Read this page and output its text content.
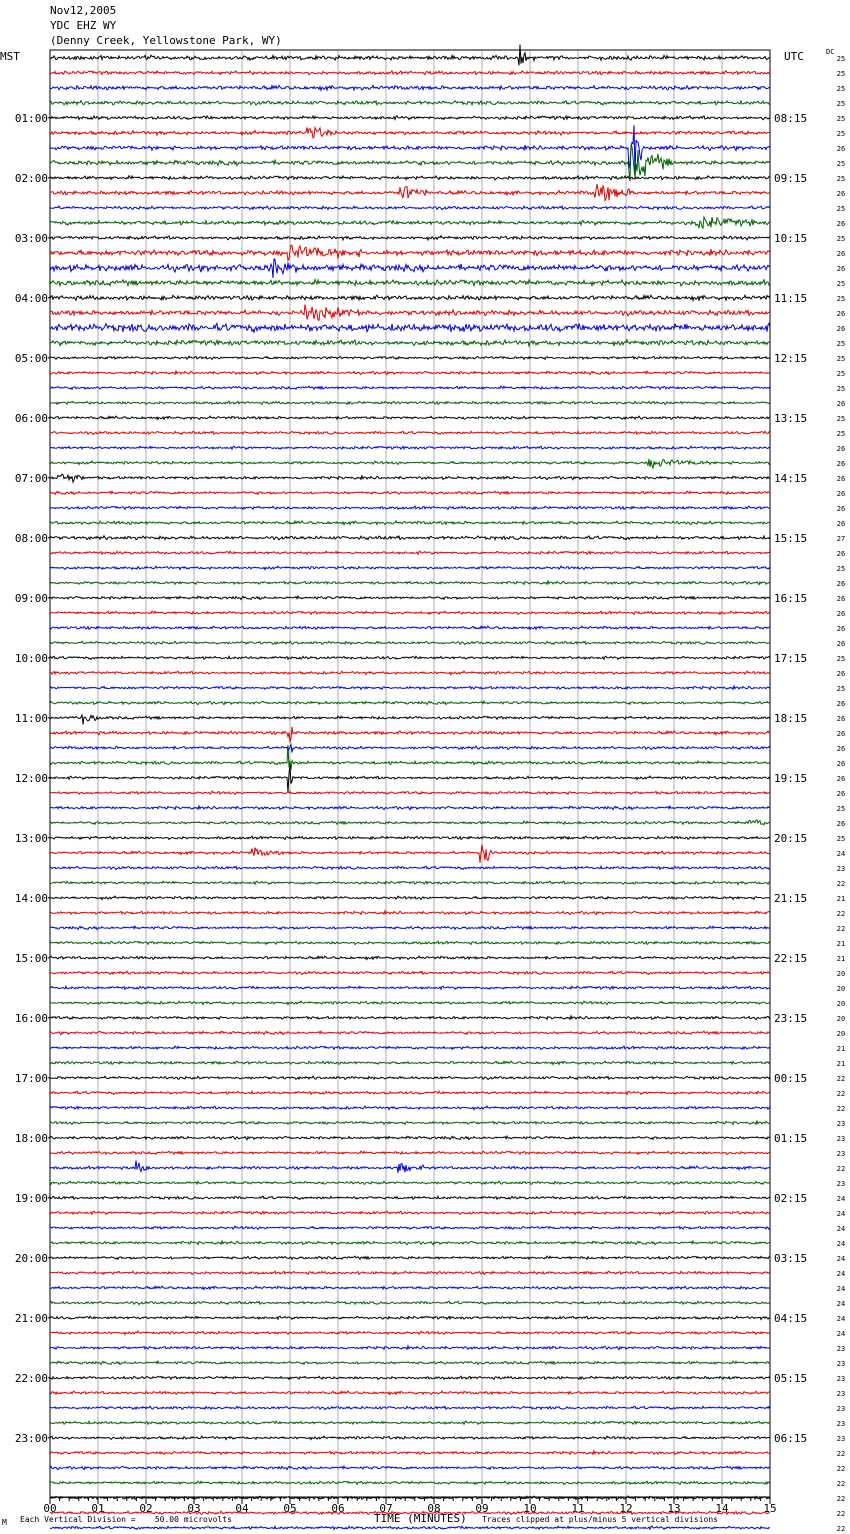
Nov12,2005
YDC EHZ WY
(Denny Creek, Yellowstone Park, WY)
MST	UTC	DC
00	01	02	03	04	05	06	07	08	09	10	11	12	13	14	15
01:00
02:00
03:00
04:00
05:00
06:00
07:00
08:00
09:00
10:00
11:00
12:00
13:00
14:00
15:00
16:00
17:00
18:00
19:00
20:00
21:00
22:00
23:00
08:15
09:15
10:15
11:15
12:15
13:15
14:15
15:15
16:15
17:15
18:15
19:15
20:15
21:15
22:15
23:15
00:15
01:15
02:15
03:15
04:15
05:15
06:15
25
25
25
25
25
25
26
25
25
26
25
26
25
26
26
25
25
26
26
25
25
25
25
26
25
25
26
26
26
26
26
26
27
26
25
26
26
26
26
26
25
26
25
26
26
26
26
26
26
26
25
26
25
24
23
22
21
22
22
21
21
20
20
20
20
20
21
21
22
22
22
23
23
23
22
23
24
24
24
24
24
24
24
24
24
24
23
23
23
23
23
23
23
22
22
22
22
22
22
M Each Vertical Division =    50.00 microvolts	TIME (MINUTES) Traces clipped at plus/minus 5 vertical divisions
